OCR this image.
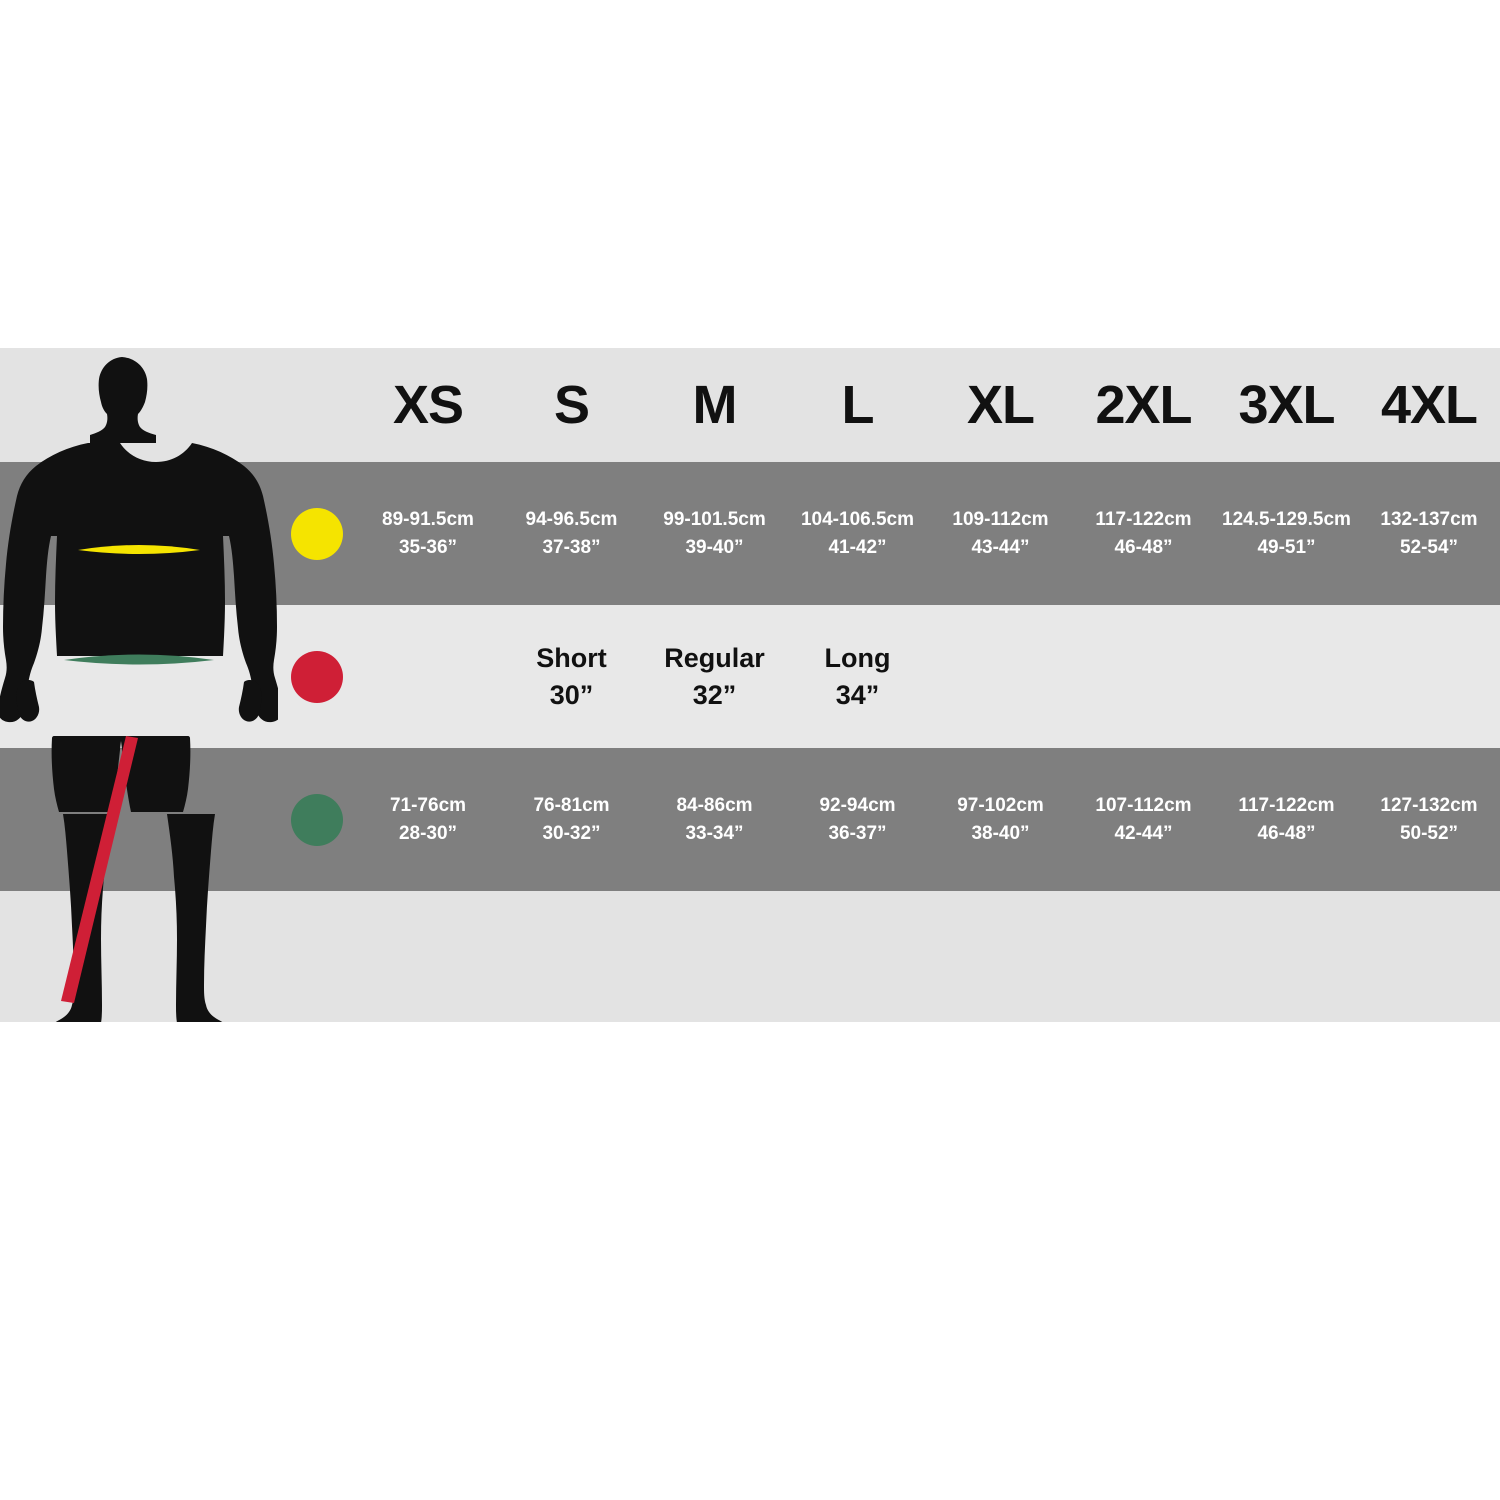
XS S M L XL 2XL 3XL 4XL
89-91.5cm
35-36”
94-96.5cm
37-38”
99-101.5cm
39-40”
104-106.5cm
41-42”
109-112cm
43-44”
117-122cm
46-48”
124.5-129.5cm
49-51”
132-137cm
52-54”
Short
30”
Regular
32”
Long
34”
71-76cm
28-30”
76-81cm
30-32”
84-86cm
33-34”
92-94cm
36-37”
97-102cm
38-40”
107-112cm
42-44”
117-122cm
46-48”
127-132cm
50-52”
